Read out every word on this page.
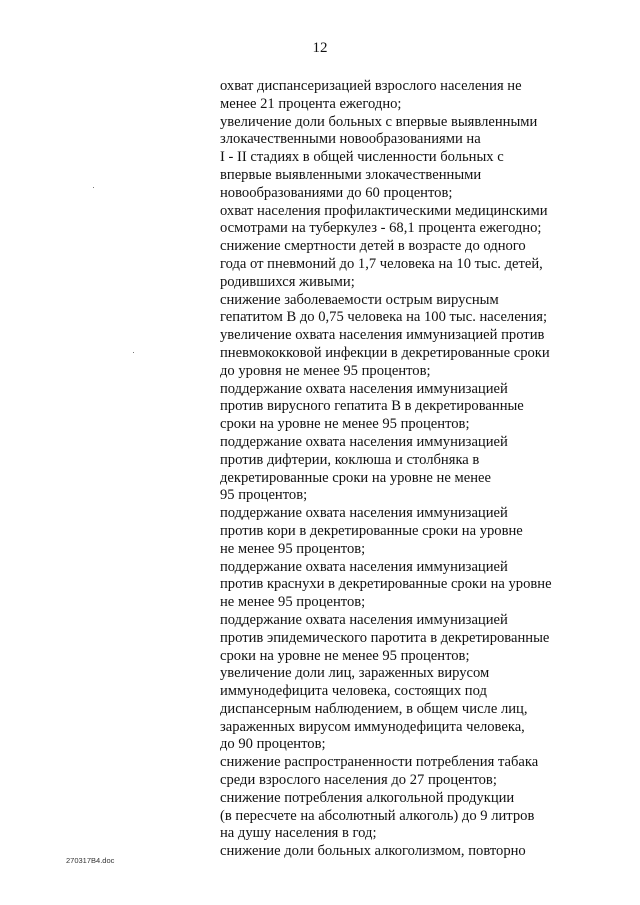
12
охват диспансеризацией взрослого населения не
менее 21 процента ежегодно;
увеличение доли больных с впервые выявленными
злокачественными новообразованиями на
I - II стадиях в общей численности больных с
впервые выявленными злокачественными
новообразованиями до 60 процентов;
охват населения профилактическими медицинскими
осмотрами на туберкулез - 68,1 процента ежегодно;
снижение смертности детей в возрасте до одного
года от пневмоний до 1,7 человека на 10 тыс. детей,
родившихся живыми;
снижение заболеваемости острым вирусным
гепатитом В до 0,75 человека на 100 тыс. населения;
увеличение охвата населения иммунизацией против
пневмококковой инфекции в декретированные сроки
до уровня не менее 95 процентов;
поддержание охвата населения иммунизацией
против вирусного гепатита В в декретированные
сроки на уровне не менее 95 процентов;
поддержание охвата населения иммунизацией
против дифтерии, коклюша и столбняка в
декретированные сроки на уровне не менее
95 процентов;
поддержание охвата населения иммунизацией
против кори в декретированные сроки на уровне
не менее 95 процентов;
поддержание охвата населения иммунизацией
против краснухи в декретированные сроки на уровне
не менее 95 процентов;
поддержание охвата населения иммунизацией
против эпидемического паротита в декретированные
сроки на уровне не менее 95 процентов;
увеличение доли лиц, зараженных вирусом
иммунодефицита человека, состоящих под
диспансерным наблюдением, в общем числе лиц,
зараженных вирусом иммунодефицита человека,
до 90 процентов;
снижение распространенности потребления табака
среди взрослого населения до 27 процентов;
снижение потребления алкогольной продукции
(в пересчете на абсолютный алкоголь) до 9 литров
на душу населения в год;
снижение доли больных алкоголизмом, повторно
270317B4.doc
